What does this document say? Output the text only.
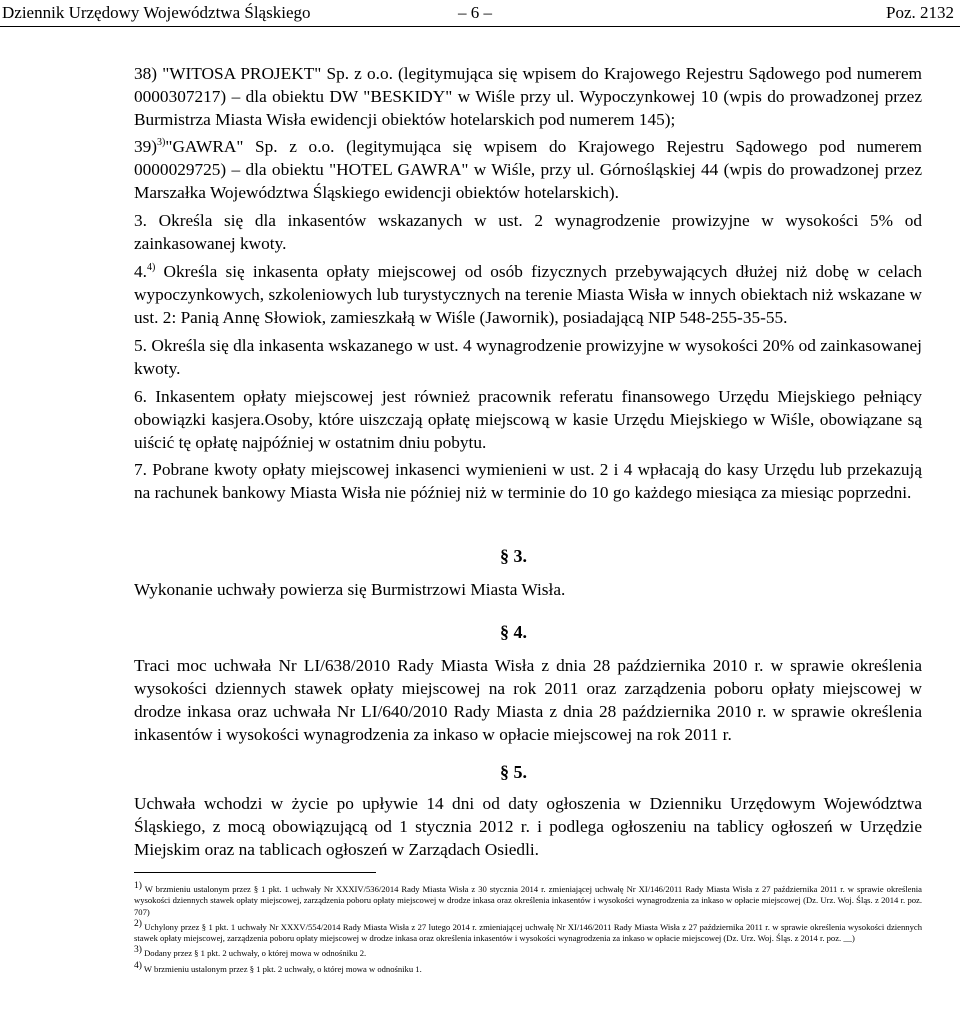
Dziennik Urzędowy Województwa Śląskiego	– 6 –	Poz. 2132

38) "WITOSA PROJEKT" Sp. z o.o. (legitymująca się wpisem do Krajowego Rejestru Sądowego pod numerem 0000307217) – dla obiektu DW "BESKIDY" w Wiśle przy ul. Wypoczynkowej 10 (wpis do prowadzonej przez Burmistrza Miasta Wisła ewidencji obiektów hotelarskich pod numerem 145);

39)$^{3)}$"GAWRA" Sp. z o.o. (legitymująca się wpisem do Krajowego Rejestru Sądowego pod numerem 0000029725) – dla obiektu "HOTEL GAWRA" w Wiśle, przy ul. Górnośląskiej 44 (wpis do prowadzonej przez Marszałka Województwa Śląskiego ewidencji obiektów hotelarskich).

3. Określa się dla inkasentów wskazanych w ust. 2 wynagrodzenie prowizyjne w wysokości 5% od zainkasowanej kwoty.

4.$^{4)}$ Określa się inkasenta opłaty miejscowej od osób fizycznych przebywających dłużej niż dobę w celach wypoczynkowych, szkoleniowych lub turystycznych na terenie Miasta Wisła w innych obiektach niż wskazane w ust. 2: Panią Annę Słowiok, zamieszkałą w Wiśle (Jawornik), posiadającą NIP 548-255-35-55.

5. Określa się dla inkasenta wskazanego w ust. 4 wynagrodzenie prowizyjne w wysokości 20% od zainkasowanej kwoty.

6. Inkasentem opłaty miejscowej jest również pracownik referatu finansowego Urzędu Miejskiego pełniący obowiązki kasjera.Osoby, które uiszczają opłatę miejscową w kasie Urzędu Miejskiego w Wiśle, obowiązane są uiścić tę opłatę najpóźniej w ostatnim dniu pobytu.

7. Pobrane kwoty opłaty miejscowej inkasenci wymienieni w ust. 2 i 4 wpłacają do kasy Urzędu lub przekazują na rachunek bankowy Miasta Wisła nie później niż w terminie do 10 go każdego miesiąca za miesiąc poprzedni.

§ 3.
Wykonanie uchwały powierza się Burmistrzowi Miasta Wisła.
§ 4.
Traci moc uchwała Nr LI/638/2010 Rady Miasta Wisła z dnia 28 października 2010 r. w sprawie określenia wysokości dziennych stawek opłaty miejscowej na rok 2011 oraz zarządzenia poboru opłaty miejscowej w drodze inkasa oraz uchwała Nr LI/640/2010 Rady Miasta z dnia 28 października 2010 r. w sprawie określenia inkasentów i wysokości wynagrodzenia za inkaso w opłacie miejscowej na rok 2011 r.
§ 5.
Uchwała wchodzi w życie po upływie 14 dni od daty ogłoszenia w Dzienniku Urzędowym Województwa Śląskiego, z mocą obowiązującą od 1 stycznia 2012 r. i podlega ogłoszeniu na tablicy ogłoszeń w Urzędzie Miejskim oraz na tablicach ogłoszeń w Zarządach Osiedli.

$^{1)}$ W brzmieniu ustalonym przez § 1 pkt. 1 uchwały Nr XXXIV/536/2014 Rady Miasta Wisła z 30 stycznia 2014 r. zmieniającej uchwałę Nr XI/146/2011 Rady Miasta Wisła z 27 października 2011 r. w sprawie określenia wysokości dziennych stawek opłaty miejscowej, zarządzenia poboru opłaty miejscowej w drodze inkasa oraz określenia inkasentów i wysokości wynagrodzenia za inkaso w opłacie miejscowej (Dz. Urz. Woj. Śląs. z 2014 r. poz. 707)

$^{2)}$ Uchylony przez § 1 pkt. 1 uchwały Nr XXXV/554/2014 Rady Miasta Wisła z 27 lutego 2014 r. zmieniającej uchwałę Nr XI/146/2011 Rady Miasta Wisła z 27 października 2011 r. w sprawie określenia wysokości dziennych stawek opłaty miejscowej, zarządzenia poboru opłaty miejscowej w drodze inkasa oraz określenia inkasentów i wysokości wynagrodzenia za inkaso w opłacie miejscowej (Dz. Urz. Woj. Śląs. z 2014 r. poz. __)

$^{3)}$ Dodany przez § 1 pkt. 2 uchwały, o której mowa w odnośniku 2.

$^{4)}$ W brzmieniu ustalonym przez § 1 pkt. 2 uchwały, o której mowa w odnośniku 1.
